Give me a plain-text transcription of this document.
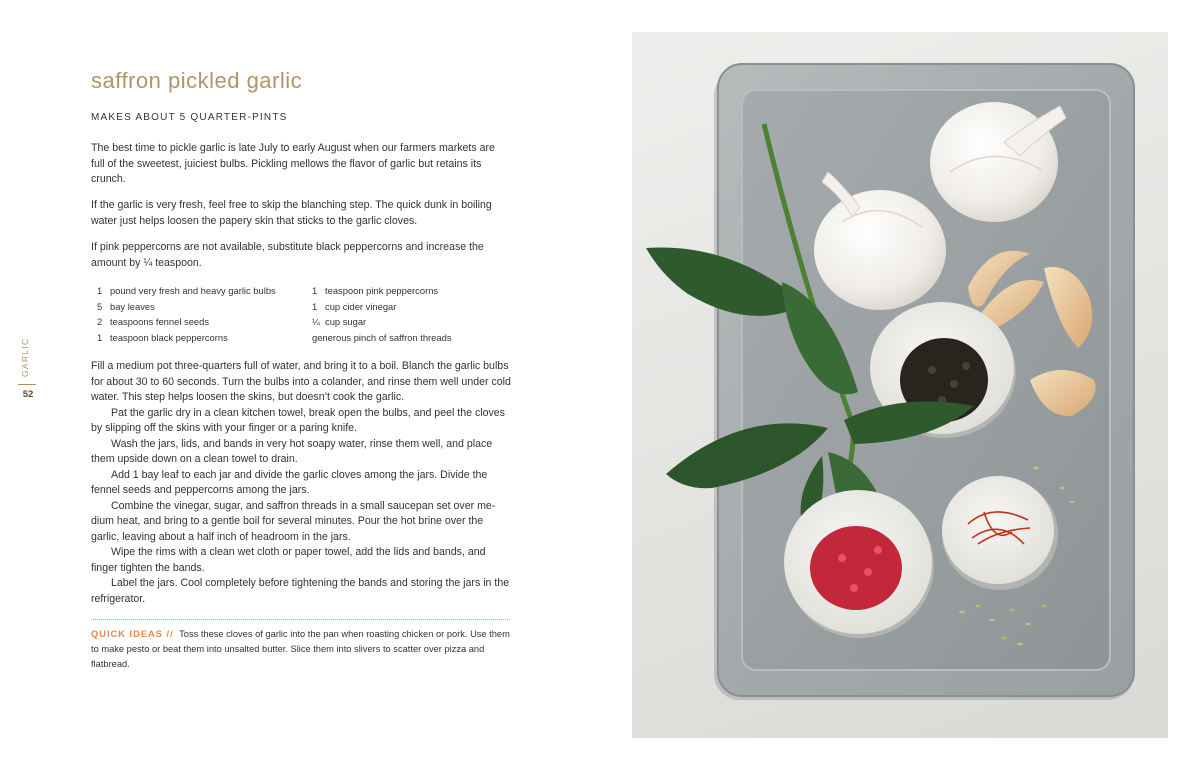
saffron pickled garlic
MAKES ABOUT 5 QUARTER-PINTS

The best time to pickle garlic is late July to early August when our farmers markets are full of the sweetest, juiciest bulbs. Pickling mellows the flavor of garlic but retains its crunch.

If the garlic is very fresh, feel free to skip the blanching step. The quick dunk in boiling water just helps loosen the papery skin that sticks to the garlic cloves.

If pink peppercorns are not available, substitute black peppercorns and increase the amount by ¼ teaspoon.

1 pound very fresh and heavy garlic bulbs
5 bay leaves
2 teaspoons fennel seeds
1 teaspoon black peppercorns
1 teaspoon pink peppercorns
1 cup cider vinegar
¼ cup sugar
generous pinch of saffron threads

Fill a medium pot three-quarters full of water, and bring it to a boil. Blanch the garlic bulbs for about 30 to 60 seconds. Turn the bulbs into a colander, and rinse them well under cold water. This step helps loosen the skins, but doesn’t cook the garlic.

Pat the garlic dry in a clean kitchen towel, break open the bulbs, and peel the cloves by slipping off the skins with your finger or a paring knife.

Wash the jars, lids, and bands in very hot soapy water, rinse them well, and place them upside down on a clean towel to drain.

Add 1 bay leaf to each jar and divide the garlic cloves among the jars. Divide the fennel seeds and peppercorns among the jars.

Combine the vinegar, sugar, and saffron threads in a small saucepan set over medium heat, and bring to a gentle boil for several minutes. Pour the hot brine over the garlic, leaving about a half inch of headroom in the jars.

Wipe the rims with a clean wet cloth or paper towel, add the lids and bands, and finger tighten the bands.

Label the jars. Cool completely before tightening the bands and storing the jars in the refrigerator.

QUICK IDEAS // Toss these cloves of garlic into the pan when roasting chicken or pork. Use them to make pesto or beat them into unsalted butter. Slice them into slivers to scatter over pizza and flatbread.
GARLIC
52
